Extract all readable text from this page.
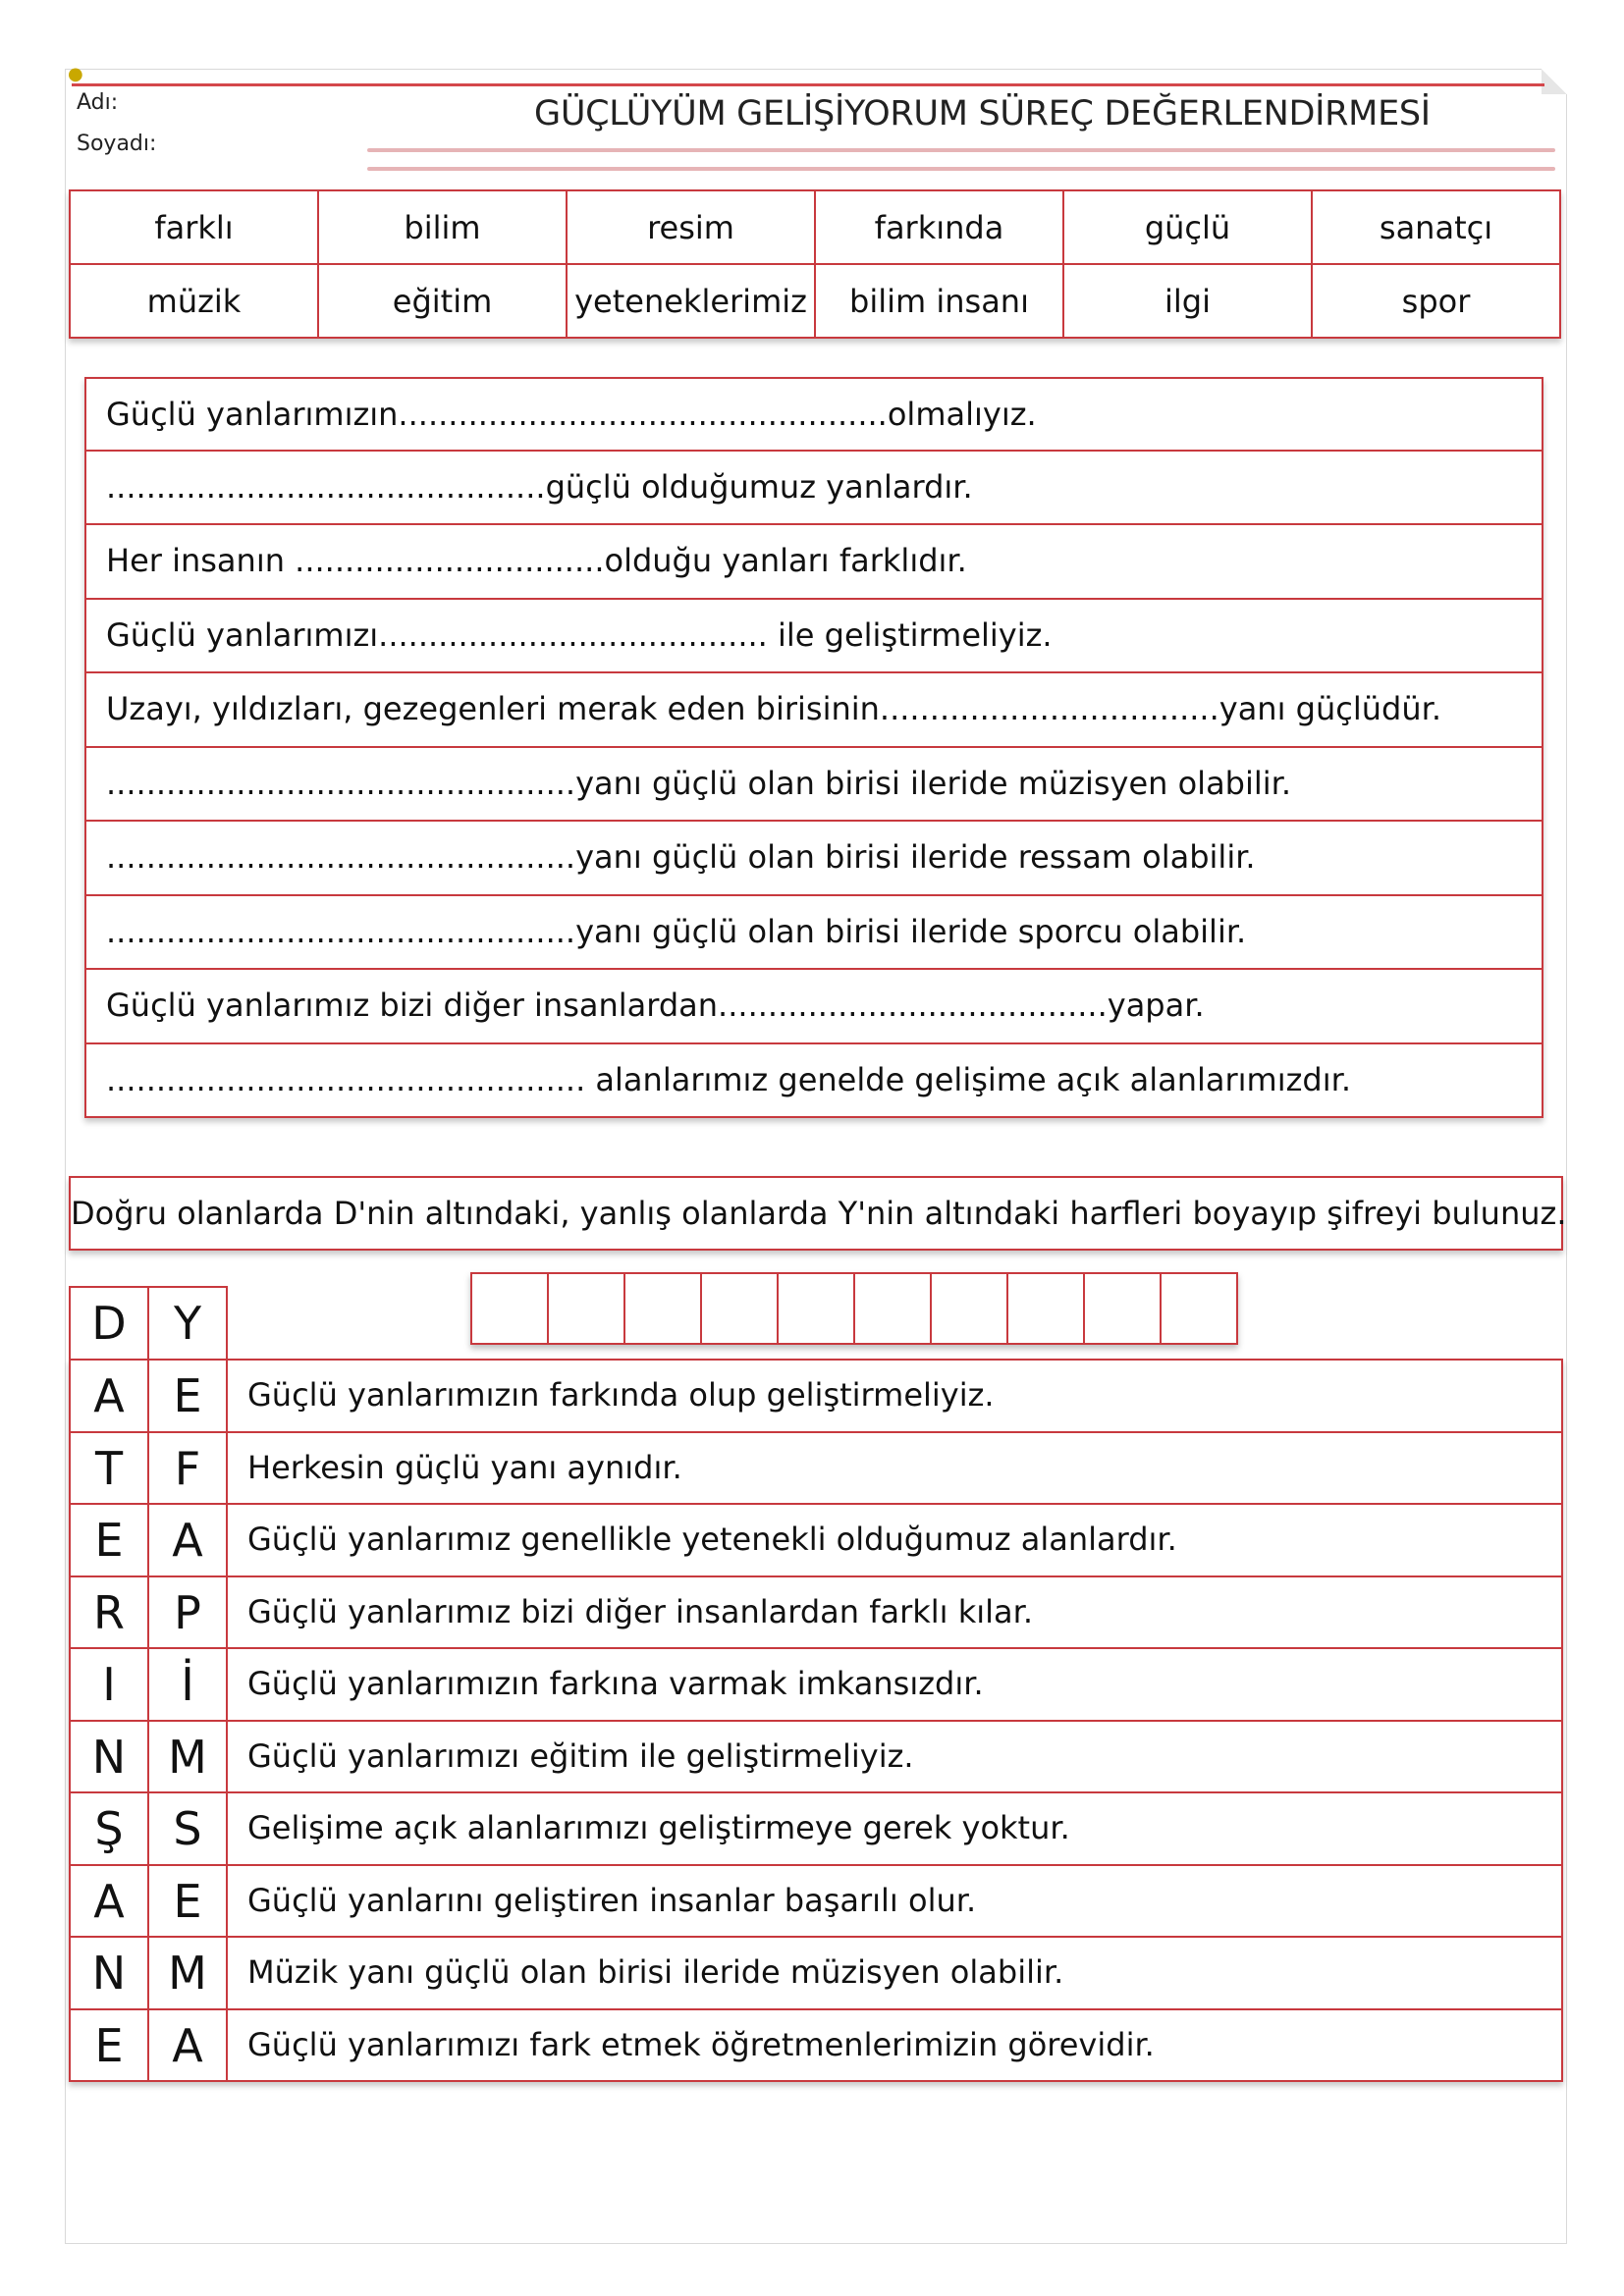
●
Adı:
Soyadı:
GÜÇLÜYÜM GELİŞİYORUM SÜREÇ DEĞERLENDİRMESİ
farklı	bilim	resim	farkında	güçlü	sanatçı
müzik	eğitim	yeteneklerimiz	bilim insanı	ilgi	spor
Güçlü yanlarımızın.................................................olmalıyız.
............................................güçlü olduğumuz yanlardır.
Her insanın ...............................olduğu yanları farklıdır.
Güçlü yanlarımızı....................................... ile geliştirmeliyiz.
Uzayı, yıldızları, gezegenleri merak eden birisinin..................................yanı güçlüdür.
...............................................yanı güçlü olan birisi ileride müzisyen olabilir.
...............................................yanı güçlü olan birisi ileride ressam olabilir.
...............................................yanı güçlü olan birisi ileride sporcu olabilir.
Güçlü yanlarımız bizi diğer insanlardan.......................................yapar.
................................................ alanlarımız genelde gelişime açık alanlarımızdır.
Doğru olanlarda D'nin altındaki, yanlış olanlarda Y'nin altındaki harfleri boyayıp şifreyi bulunuz.
D	Y
A	E	Güçlü yanlarımızın farkında olup geliştirmeliyiz.
T	F	Herkesin güçlü yanı aynıdır.
E	A	Güçlü yanlarımız genellikle yetenekli olduğumuz alanlardır.
R	P	Güçlü yanlarımız bizi diğer insanlardan farklı kılar.
I	İ	Güçlü yanlarımızın farkına varmak imkansızdır.
N M	Güçlü yanlarımızı eğitim ile geliştirmeliyiz.
Ş	S	Gelişime açık alanlarımızı geliştirmeye gerek yoktur.
A	E	Güçlü yanlarını geliştiren insanlar başarılı olur.
N M	Müzik yanı güçlü olan birisi ileride müzisyen olabilir.
E	A	Güçlü yanlarımızı fark etmek öğretmenlerimizin görevidir.
